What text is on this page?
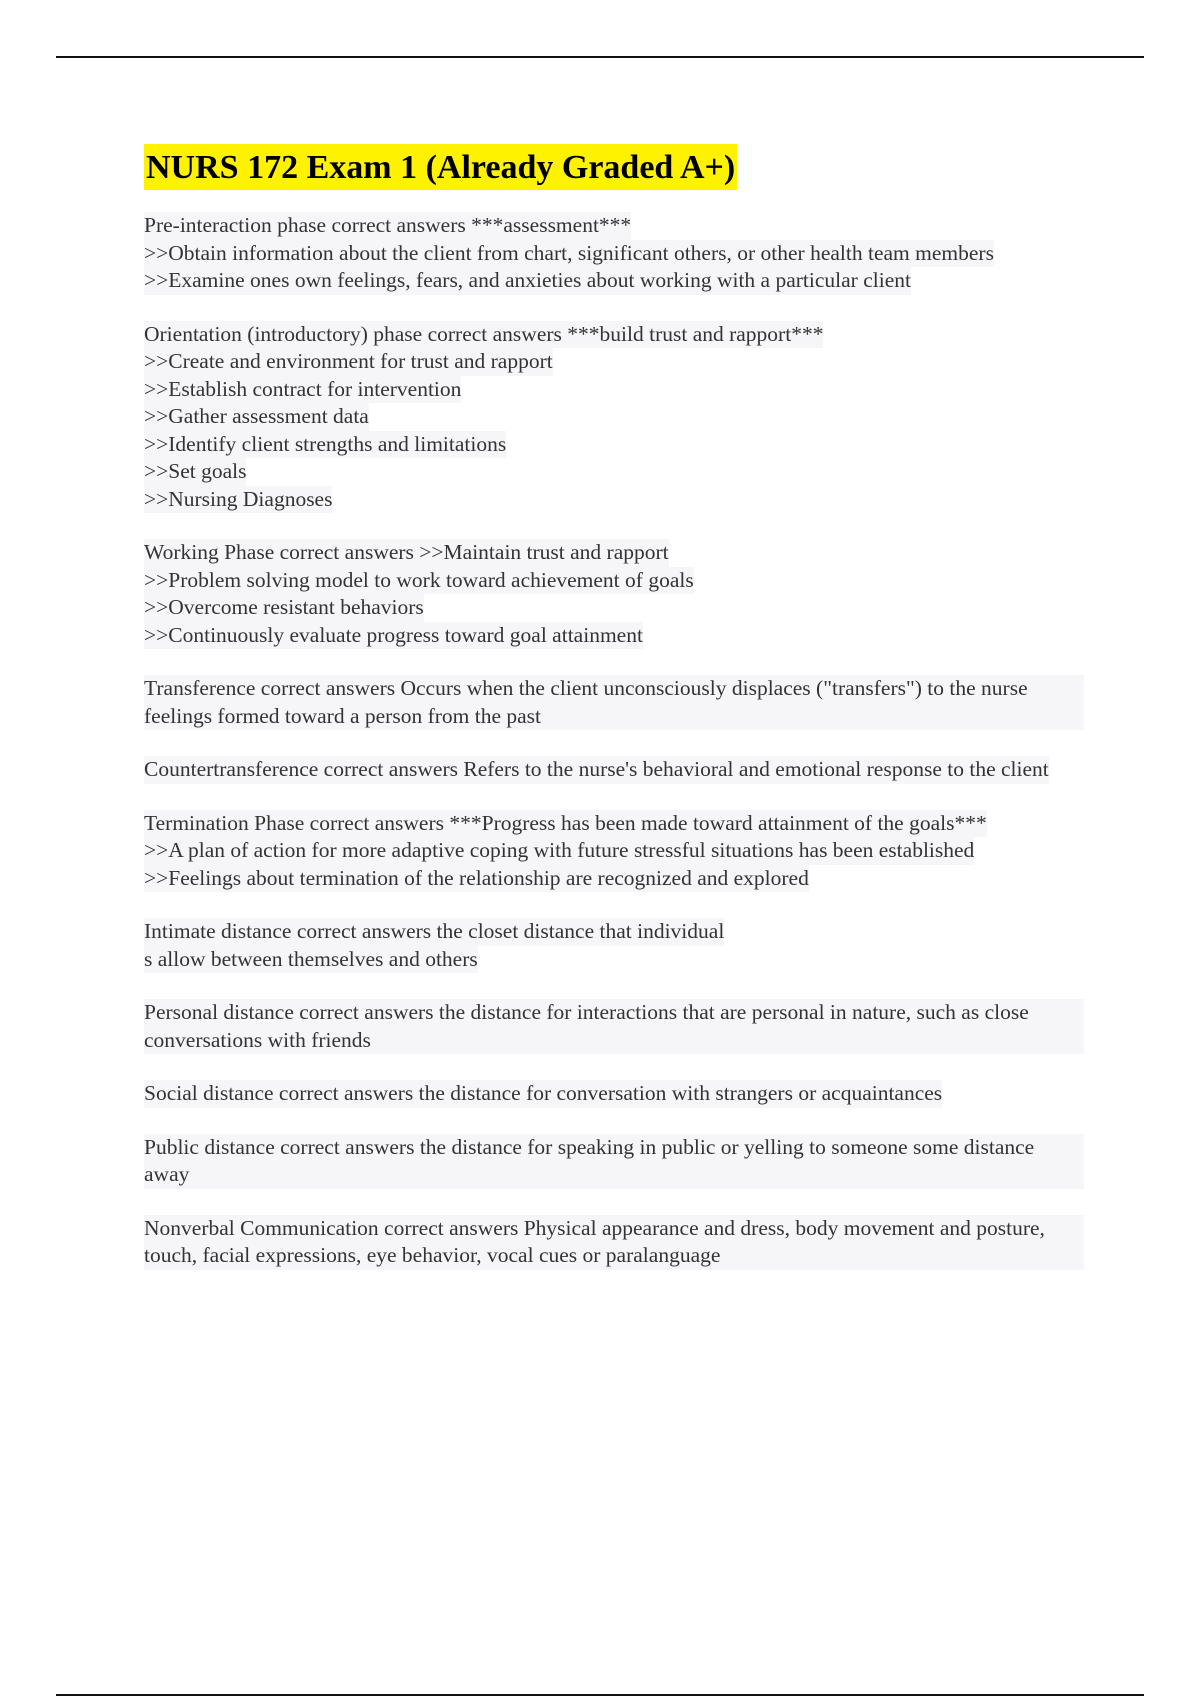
NURS 172 Exam 1 (Already Graded A+)
Pre-interaction phase correct answers ***assessment***
>>Obtain information about the client from chart, significant others, or other health team members
>>Examine ones own feelings, fears, and anxieties about working with a particular client
Orientation (introductory) phase correct answers ***build trust and rapport***
>>Create and environment for trust and rapport
>>Establish contract for intervention
>>Gather assessment data
>>Identify client strengths and limitations
>>Set goals
>>Nursing Diagnoses
Working Phase correct answers >>Maintain trust and rapport
>>Problem solving model to work toward achievement of goals
>>Overcome resistant behaviors
>>Continuously evaluate progress toward goal attainment
Transference correct answers Occurs when the client unconsciously displaces ("transfers") to the nurse feelings formed toward a person from the past
Countertransference correct answers Refers to the nurse's behavioral and emotional response to the client
Termination Phase correct answers ***Progress has been made toward attainment of the goals***
>>A plan of action for more adaptive coping with future stressful situations has been established
>>Feelings about termination of the relationship are recognized and explored
Intimate distance correct answers the closet distance that individual
s allow between themselves and others
Personal distance correct answers the distance for interactions that are personal in nature, such as close conversations with friends
Social distance correct answers the distance for conversation with strangers or acquaintances
Public distance correct answers the distance for speaking in public or yelling to someone some distance away
Nonverbal Communication correct answers Physical appearance and dress, body movement and posture, touch, facial expressions, eye behavior, vocal cues or paralanguage
